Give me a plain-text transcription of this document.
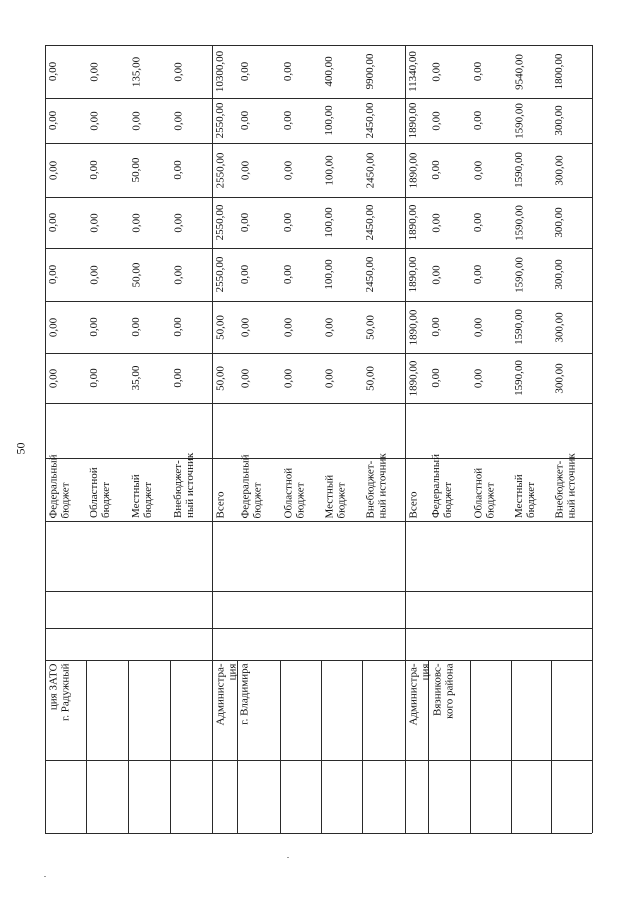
50
Федеральный
бюджет
0,00
0,00
0,00
0,00
0,00
0,00
0,00
ция ЗАТО
г. Радужный
Областной
бюджет
0,00
0,00
0,00
0,00
0,00
0,00
0,00
Местный
бюджет
35,00
0,00
50,00
0,00
50,00
0,00
135,00
Внебюджет-
ный источник
0,00
0,00
0,00
0,00
0,00
0,00
0,00
Всего
50,00
50,00
2550,00
2550,00
2550,00
2550,00
10300,00
Администра-
ция
г. Владимира
Федеральный
бюджет
0,00
0,00
0,00
0,00
0,00
0,00
0,00
Областной
бюджет
0,00
0,00
0,00
0,00
0,00
0,00
0,00
Местный
бюджет
0,00
0,00
100,00
100,00
100,00
100,00
400,00
Внебюджет-
ный источник
50,00
50,00
2450,00
2450,00
2450,00
2450,00
9900,00
Всего
1890,00
1890,00
1890,00
1890,00
1890,00
1890,00
11340,00
Администра-
ция
Вязниковс-
кого района
Федеральный
бюджет
0,00
0,00
0,00
0,00
0,00
0,00
0,00
Областной
бюджет
0,00
0,00
0,00
0,00
0,00
0,00
0,00
Местный
бюджет
1590,00
1590,00
1590,00
1590,00
1590,00
1590,00
9540,00
Внебюджет-
ный источник
300,00
300,00
300,00
300,00
300,00
300,00
1800,00
